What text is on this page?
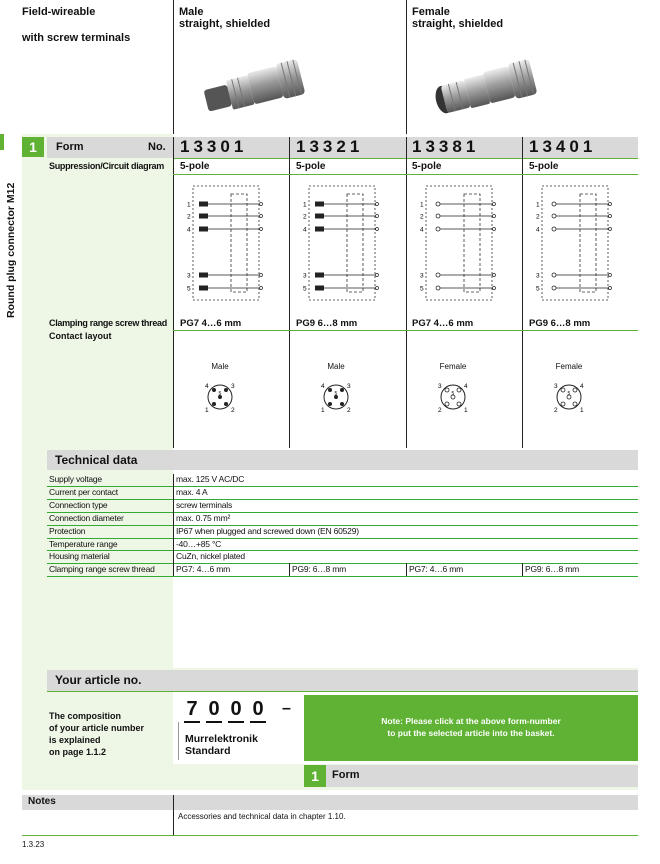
Field-wireable
with screw terminals
Male
straight, shielded
Female
straight, shielded
1
Round plug connector M12
Form	No. 13301	13321	13381	13401
Suppression/Circuit diagram 5-pole	5-pole	5-pole	5-pole
1
2
4
3
5
1
2
4
3
5
1
2
4
3
5
1
2
4
3
5
Clamping range screw thread PG7 4…6 mm	PG9 6…8 mm	PG7 4…6 mm	PG9 6…8 mm
Contact layout
Male
1	2
3
4
5
Male
1	2
3
4
5
Female
1
2
3	4
5
Female
1
2
3	4
5
Technical data
Supply voltage	max. 125 V AC/DC
Current per contact	max. 4 A
Connection type	screw terminals
Connection diameter	max. 0.75 mm²
Protection	IP67 when plugged and screwed down (EN 60529)
Temperature range	-40…+85 °C
Housing material	CuZn, nickel plated
Clamping range screw thread	PG7: 4…6 mm	PG9: 6…8 mm	PG7: 4…6 mm	PG9: 6…8 mm
Your article no.
The composition
of your article number
is explained
on page 1.1.2
7 0 0 0 –
Murrelektronik
Standard
Note: Please click at the above form-number
to put the selected article into the basket.
1	Form
Notes
Accessories and technical data in chapter 1.10.
1.3.23
